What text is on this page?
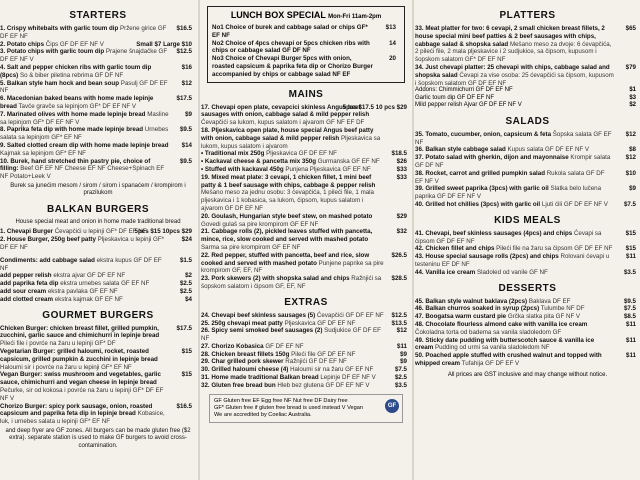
STARTERS
1. Crispy whitebaits with garlic toum dip Pržene girice GF DF EF NF
$16.5
2. Potato chips Čips GF DF EF NF V	Small $7 Large $10
3. Potato chips with garlic toum dip Prajene šnajdačke GF DF EF NF V
$12.5
4. Salt and pepper chicken ribs with garlic toum dip (8pcs) So & biber piletina rebrima GF DF NF
$16
5. Balkan style ham hock and bean soup Pasulj GF DF EF NF
$12
6. Macedonian baked beans with home made lepinje bread Tavče gravče sa lepinjom GF* DF EF NF V
$17.5
7. Marinated olives with home made lepinje bread Masline sa lepinjom GF* DF EF NF V
$9
8. Paprika feta dip with home made lepinje bread Urnebes salata sa lepinjom GF* EF NF
$9.5
9. Salted clotted cream dip with home made lepinje bread Kajmak sa lepinjom GF* EF NF
$14
10. Burek, hand stretched thin pastry pie, choice of filling: Beef GF EF NF Cheese EF NF Cheese+Spinach EF NF Potato+Leek V
$9.5
Burek sa junećim mesom / sirom / sirom i spanaćem / krompirom i prazilukom
BALKAN BURGERS
House special meat and onion in home made traditional bread
1. Chevapi Burger Ćevapčići u lepinji GF* DF EF NF
5pcs $15 10pcs $29
2. House Burger, 250g beef patty Pljeskavica u lepinji GF* DF EF NF
$24
Condiments: add cabbage salad ekstra kupus GF DF EF NF
$1.5
add pepper relish ekstra ajvar GF DF EF NF	$2
add paprika feta dip ekstra urnebes salata GF EF NF	$2.5
add sour cream ekstra pavlaka GF EF NF	$2.5
add clotted cream ekstra kajmak GF EF NF	$4
GOURMET BURGERS
Chicken Burger: chicken breast fillet, grilled pumpkin, zucchini, garlic sauce and chimichurri in lepinje bread Pileći file i povrće na žaru u lepinji GF* DF
$17.5
Vegetarian Burger: grilled haloumi, rocket, roasted capsicum, grilled pumpkin & zucchini in lepinje bread Haloumi sir i povrće na žaru u lepinji GF* EF NF
$15
Vegan Burger: swiss mushroom and vegetables, garlic sauce, chimichurri and vegan cheese in lepinje bread Pečurke, sir od kokosa i povrće na žaru u lepinji GF* DF EF NF V
$15
Chorizo Burger: spicy pork sausage, onion, roasted capsicum and paprika feta dip in lepinje bread Kobasice, luk, i urnebes salata u lepinji GF* EF NF
$16.5
and deep fryer are GF zones. All burgers can be made gluten free ($2 extra). separate station is used to make GF burgers to avoid cross-contamination.
LUNCH BOX SPECIAL Mon-Fri 11am-2pm
No1 Choice of burek and cabbage salad or chips GF* EF NF
$13
No2 Choice of 4pcs chevapi or 5pcs chicken ribs with chips or cabbage salad GF DF NF
14
No3 Choice of Chevapi Burger 5pcs with onion, roasted capsicum & paprika feta dip or Chorizo Burger accompanied by chips or cabbage salad NF EF
20
MAINS
17. Chevapi open plate, cevapcici skinless Angus beef sausages with onion, cabbage salad & mild pepper relish Ćevapčići sa lukom, kupus salatom i ajvarom GF NF EF DF
5pcs $17.5 10 pcs $29
18. Pljeskavica open plate, house special Angus beef patty with onion, cabbage salad & mild pepper relish Pljeskavica sa lukom, kupus salatom i ajvarom
• Traditional mix 250g Pljeskavica GF DF EF NF	$18.5
• Kackaval cheese & pancetta mix 350g Gurmanska GF EF NF	$26
• Stuffed with kackaval 450g Punjena Pljeskavica GF EF NF	$33
19. Mixed meat plate: 3 cevapi, 1 chicken fillet, 1 mini beef patty & 1 beef sausage with chips, cabbage & pepper relish Mešano meso za jednu osobu: 3 ćevapčića, 1 pileći file, 1 mala pljeskavica i 1 kobasica, sa lukom, čipsom, kupus salatom i ajvarom GF DF EF NF
$33
20. Goulash, Hungarian style beef stew, on mashed potato Govedi gulaš sa pire krompirom GF EF NF
$29
21. Cabbage rolls (2), pickled leaves stuffed with pancetta, mince, rice, slow cooked and served with mashed potato Sarma sa pire krompirom GF EF NF
$32
22. Red pepper, stuffed with pancetta, beef and rice, slow cooked and served with mashed potato Punjene paprike sa pire krompirom GF, EF, NF
$26.5
23. Pork skewers (2) with shopska salad and chips Ražnjići sa šopskom salatom i čipsom GF, EF, NF
$28.5
EXTRAS
24. Chevapi beef skinless sausages (5) Ćevapčići GF DF EF NF $12.5
25. 250g chevapi meat patty Pljeskavica GF DF EF NF	$13.5
26. Spicy semi smoked beef sausages (2) Sudjukice GF DF EF NF
$12
27. Chorizo Kobasica GF DF EF NF	$11
28. Chicken breast fillets 150g Pileći file GF DF EF NF	$9
29. Char grilled pork skewer Ražnjići GF DF EF NF	$9
30. Grilled haloumi cheese (4) Haloumi sir na žaru GF EF NF	$7.5
31. Home made traditional Balkan bread Lepinje DF EF NF V	$2.5
32. Gluten free bread bun Hleb bez glutena GF DF EF NF V	$3.5
GF Gluten free EF Egg free NF Nut free DF Dairy free
GF* Gluten free if gluten free bread is used instead V Vegan
We are accredited by Coeliac Australia.
GF
PLATTERS
33. Meat platter for two: 6 cevapi, 2 small chicken breast fillets, 2 house special mini beef patties & 2 beef sausages with chips, cabbage salad & shopska salad Mešano meso za dvoje: 6 ćevapčića, 2 pileći file, 2 mala pljeskavice i 2 sudjukice, sa čipsom, kupusom i šopskom salatom GF* DF EF NF
$65
34. Just chevapi platter: 25 chevapi with chips, cabbage salad and shopska salad Ćevapi za vise osoba: 25 ćevapčići sa čipsom, kupusom i šopskom salatom GF DF EF NF
$79
Addons: Chimmichurri GF DF EF NF	$1
Garlic toum dip GF DF EF NF	$3
Mild pepper relish Ajvar GF DF EF NF V	$2
SALADS
35. Tomato, cucumber, onion, capsicum & feta Šopska salata GF EF NF
$12
36. Balkan style cabbage salad Kupus salata GF DF EF NF V	$8
37. Potato salad with gherkin, dijon and mayonnaise Krompir salata GF DF NF
$12
38. Rocket, carrot and grilled pumpkin salad Rukola salata GF DF EF NF V
$10
39. Grilled sweet paprika (3pcs) with garlic oil Slatka belo lučena paprika GF DF EF NF V
$9
40. Grilled hot chillies (3pcs) with garlic oil Ljuti ćili GF DF EF NF V	$7.5
KIDS MEALS
41. Chevapi, beef skinless sausages (4pcs) and chips Ćevapi sa čipsom GF DF EF NF
$15
42. Chicken fillet and chips Pileći file na žaru sa čipsom GF DF EF NF $15
43. House special sausage rolls (2pcs) and chips Rolovani ćevapi u testeninu EF DF NF
$11
44. Vanilla ice cream Sladoled od vanile GF NF	$3.5
DESSERTS
45. Balkan style walnut baklava (2pcs) Baklava DF EF	$9.5
46. Balkan churros soaked in syrup (2pcs) Tulumbe NF DF	$7.5
47. Boogatsa warm custard pie Grčka slatka pita GF NF V	$8.5
48. Chocolate flourless almond cake with vanilla ice cream Čokoladna torta od badema sa vanila sladoledom GF
$11
49. Sticky date pudding with butterscotch sauce & vanilla ice cream Pudding od urmi sa vanila sladoledom NF
$11
50. Poached apple stuffed with crushed walnut and topped with whipped cream Tufahija GF DF EF V
$11
All prices are GST inclusive and may change without notice.
